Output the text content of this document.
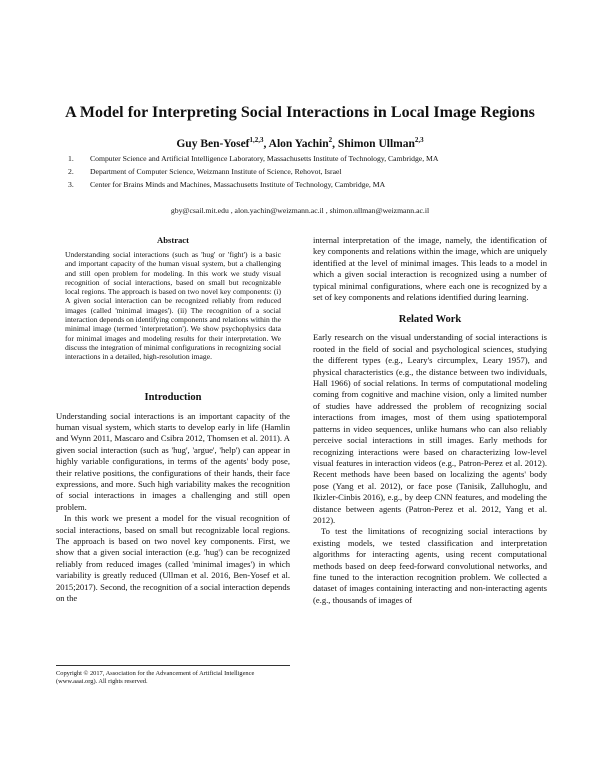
A Model for Interpreting Social Interactions in Local Image Regions
Guy Ben-Yosef$^{1,2,3}$, Alon Yachin$^2$, Shimon Ullman$^{2,3}$
1. Computer Science and Artificial Intelligence Laboratory, Massachusetts Institute of Technology, Cambridge, MA
2. Department of Computer Science, Weizmann Institute of Science, Rehovot, Israel
3. Center for Brains Minds and Machines, Massachusetts Institute of Technology, Cambridge, MA
gby@csail.mit.edu , alon.yachin@weizmann.ac.il , shimon.ullman@weizmann.ac.il
Abstract

Understanding social interactions (such as 'hug' or 'fight') is a basic and important capacity of the human visual system, but a challenging and still open problem for modeling. In this work we study visual recognition of social interactions, based on small but recognizable local regions. The approach is based on two novel key components: (i) A given social interaction can be recognized reliably from reduced images (called 'minimal images'). (ii) The recognition of a social interaction depends on identifying components and relations within the minimal image (termed 'interpretation'). We show psychophysics data for minimal images and modeling results for their interpretation. We discuss the integration of minimal configurations in recognizing social interactions in a detailed, high-resolution image.

Introduction

Understanding social interactions is an important capacity of the human visual system, which starts to develop early in life (Hamlin and Wynn 2011, Mascaro and Csibra 2012, Thomsen et al. 2011). A given social interaction (such as 'hug', 'argue', 'help') can appear in highly variable configurations, in terms of the agents' body pose, their relative positions, the configurations of their hands, their face expressions, and more. Such high variability makes the recognition of social interactions in images a challenging and still open problem.

In this work we present a model for the visual recognition of social interactions, based on small but recognizable local regions. The approach is based on two novel key components. First, we show that a given social interaction (e.g. 'hug') can be recognized reliably from reduced images (called 'minimal images') in which variability is greatly reduced (Ullman et al. 2016, Ben-Yosef et al. 2015;2017). Second, the recognition of a social interaction depends on the

Copyright © 2017, Association for the Advancement of Artificial Intelligence (www.aaai.org). All rights reserved.

internal interpretation of the image, namely, the identification of key components and relations within the image, which are uniquely identified at the level of minimal images. This leads to a model in which a given social interaction is recognized using a number of typical minimal configurations, where each one is recognized by a set of key components and relations identified during learning.

Related Work

Early research on the visual understanding of social interactions is rooted in the field of social and psychological sciences, studying the different types (e.g., Leary's circumplex, Leary 1957), and physical characteristics (e.g., the distance between two individuals, Hall 1966) of social relations. In terms of computational modeling coming from cognitive and machine vision, only a limited number of studies have addressed the problem of recognizing social interactions from images, most of them using spatiotemporal patterns in video sequences, unlike humans who can also reliably perceive social interactions in still images. Early methods for recognizing interactions were based on characterizing low-level visual features in interaction videos (e.g., Patron-Perez et al. 2012). Recent methods have been based on localizing the agents' body pose (Yang et al. 2012), or face pose (Tanisik, Zalluhoglu, and Ikizler-Cinbis 2016), e.g., by deep CNN features, and modeling the distance between agents (Patron-Perez et al. 2012, Yang et al. 2012).

To test the limitations of recognizing social interactions by existing models, we tested classification and interpretation algorithms for interacting agents, using recent computational methods based on deep feed-forward convolutional networks, and fine tuned to the interaction recognition problem. We collected a dataset of images containing interacting and non-interacting agents (e.g., thousands of images of
